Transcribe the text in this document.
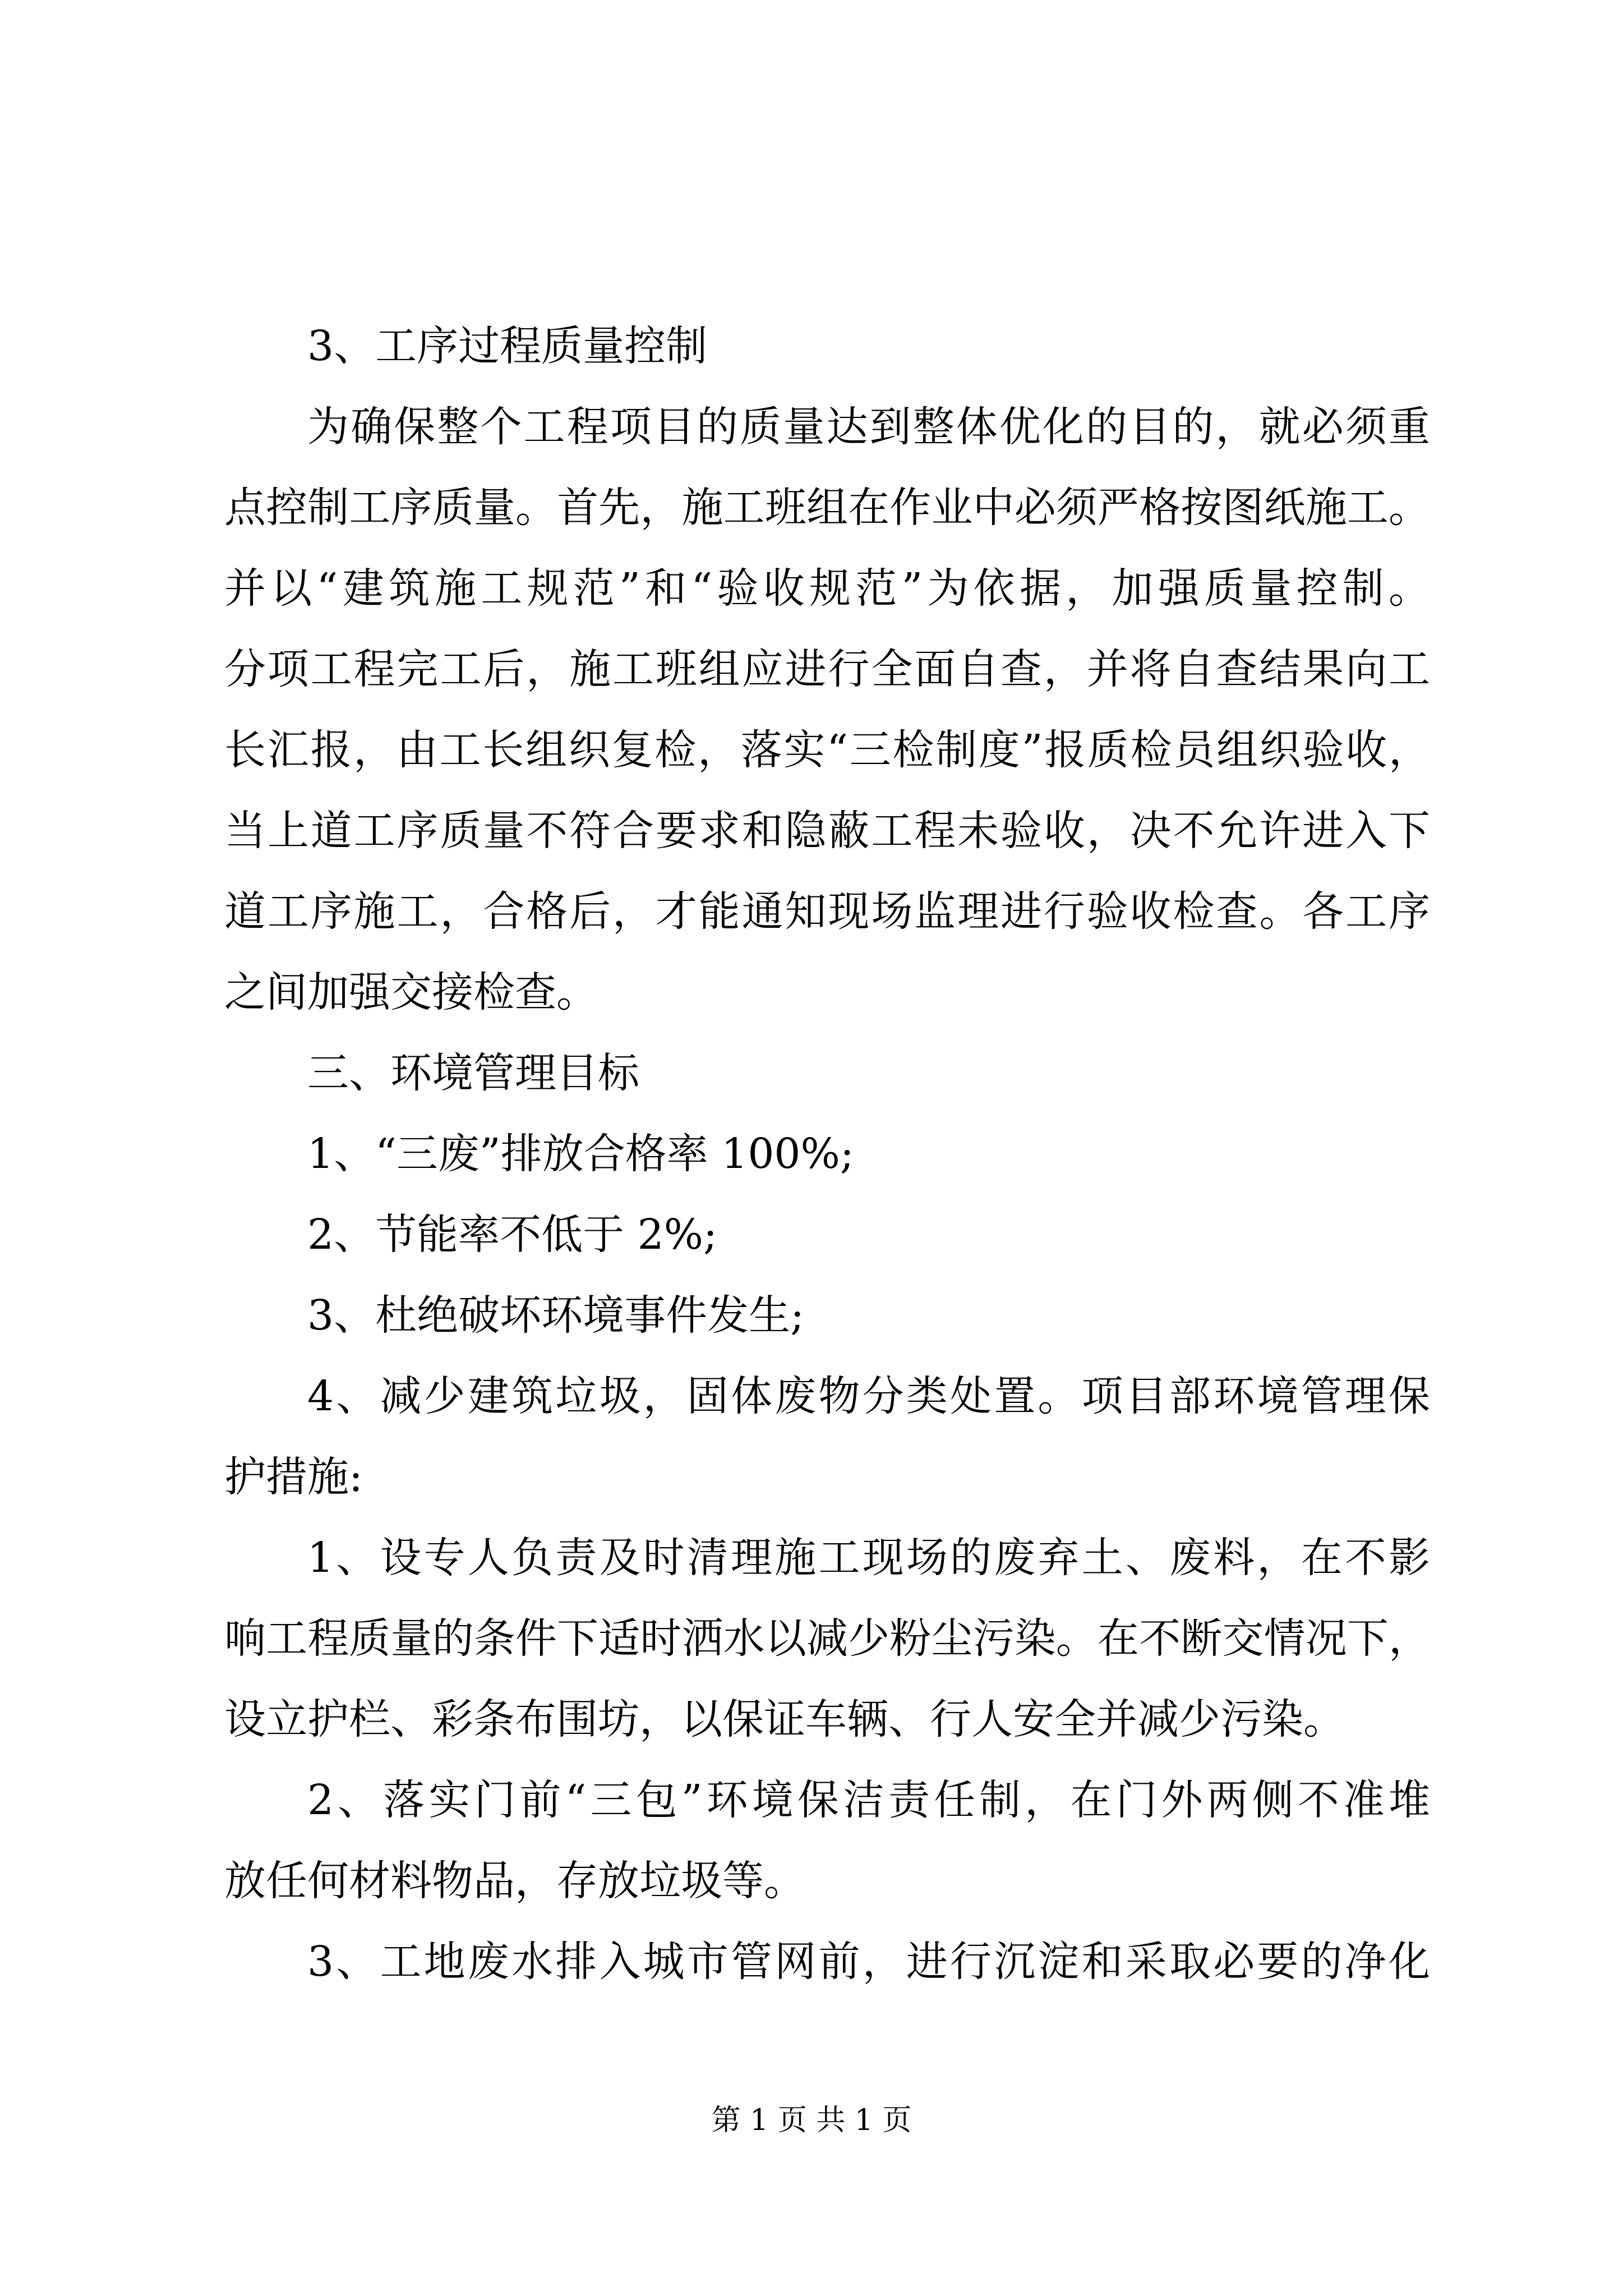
3、工序过程质量控制
为确保整个工程项目的质量达到整体优化的目的，就必须重
点控制工序质量。首先，施工班组在作业中必须严格按图纸施工。
并以“建筑施工规范”和“验收规范”为依据，加强质量控制。
分项工程完工后，施工班组应进行全面自查，并将自查结果向工
长汇报，由工长组织复检，落实“三检制度”报质检员组织验收，
当上道工序质量不符合要求和隐蔽工程未验收，决不允许进入下
道工序施工，合格后，才能通知现场监理进行验收检查。各工序
之间加强交接检查。
三、环境管理目标
1、“三废”排放合格率 100%;
2、节能率不低于 2%;
3、杜绝破坏环境事件发生;
4、减少建筑垃圾，固体废物分类处置。项目部环境管理保
护措施:
1、设专人负责及时清理施工现场的废弃土、废料，在不影
响工程质量的条件下适时洒水以减少粉尘污染。在不断交情况下，
设立护栏、彩条布围坊，以保证车辆、行人安全并减少污染。
2、落实门前“三包”环境保洁责任制，在门外两侧不准堆
放任何材料物品，存放垃圾等。
3、工地废水排入城市管网前，进行沉淀和采取必要的净化
第 1 页 共 1 页
